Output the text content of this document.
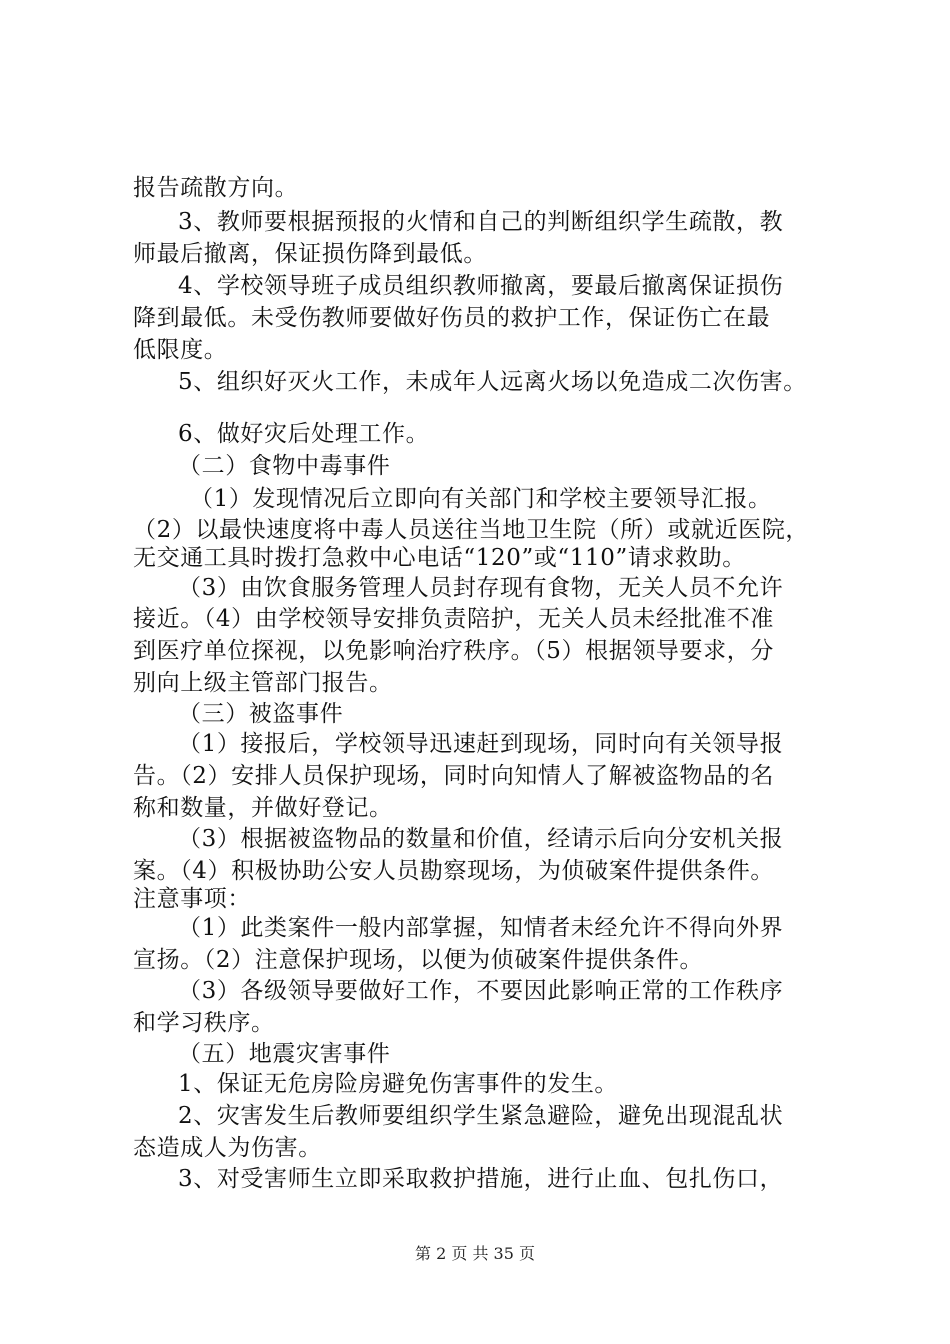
报告疏散方向。

3、教师要根据预报的火情和自己的判断组织学生疏散，教

师最后撤离，保证损伤降到最低。

4、学校领导班子成员组织教师撤离，要最后撤离保证损伤

降到最低。未受伤教师要做好伤员的救护工作，保证伤亡在最

低限度。

5、组织好灭火工作，未成年人远离火场以免造成二次伤害。

6、做好灾后处理工作。

（二）食物中毒事件

（1）发现情况后立即向有关部门和学校主要领导汇报。

（2）以最快速度将中毒人员送往当地卫生院（所）或就近医院，

无交通工具时拨打急救中心电话“120”或“110”请求救助。

（3）由饮食服务管理人员封存现有食物，无关人员不允许

接近。（4）由学校领导安排负责陪护，无关人员未经批准不准

到医疗单位探视，以免影响治疗秩序。（5）根据领导要求，分

别向上级主管部门报告。

（三）被盗事件

（1）接报后，学校领导迅速赶到现场，同时向有关领导报

告。（2）安排人员保护现场，同时向知情人了解被盗物品的名

称和数量，并做好登记。

（3）根据被盗物品的数量和价值，经请示后向分安机关报

案。（4）积极协助公安人员勘察现场，为侦破案件提供条件。

注意事项：

（1）此类案件一般内部掌握，知情者未经允许不得向外界

宣扬。（2）注意保护现场，以便为侦破案件提供条件。

（3）各级领导要做好工作，不要因此影响正常的工作秩序

和学习秩序。

（五）地震灾害事件

1、保证无危房险房避免伤害事件的发生。

2、灾害发生后教师要组织学生紧急避险，避免出现混乱状

态造成人为伤害。

3、对受害师生立即采取救护措施，进行止血、包扎伤口，

第 2 页 共 35 页
